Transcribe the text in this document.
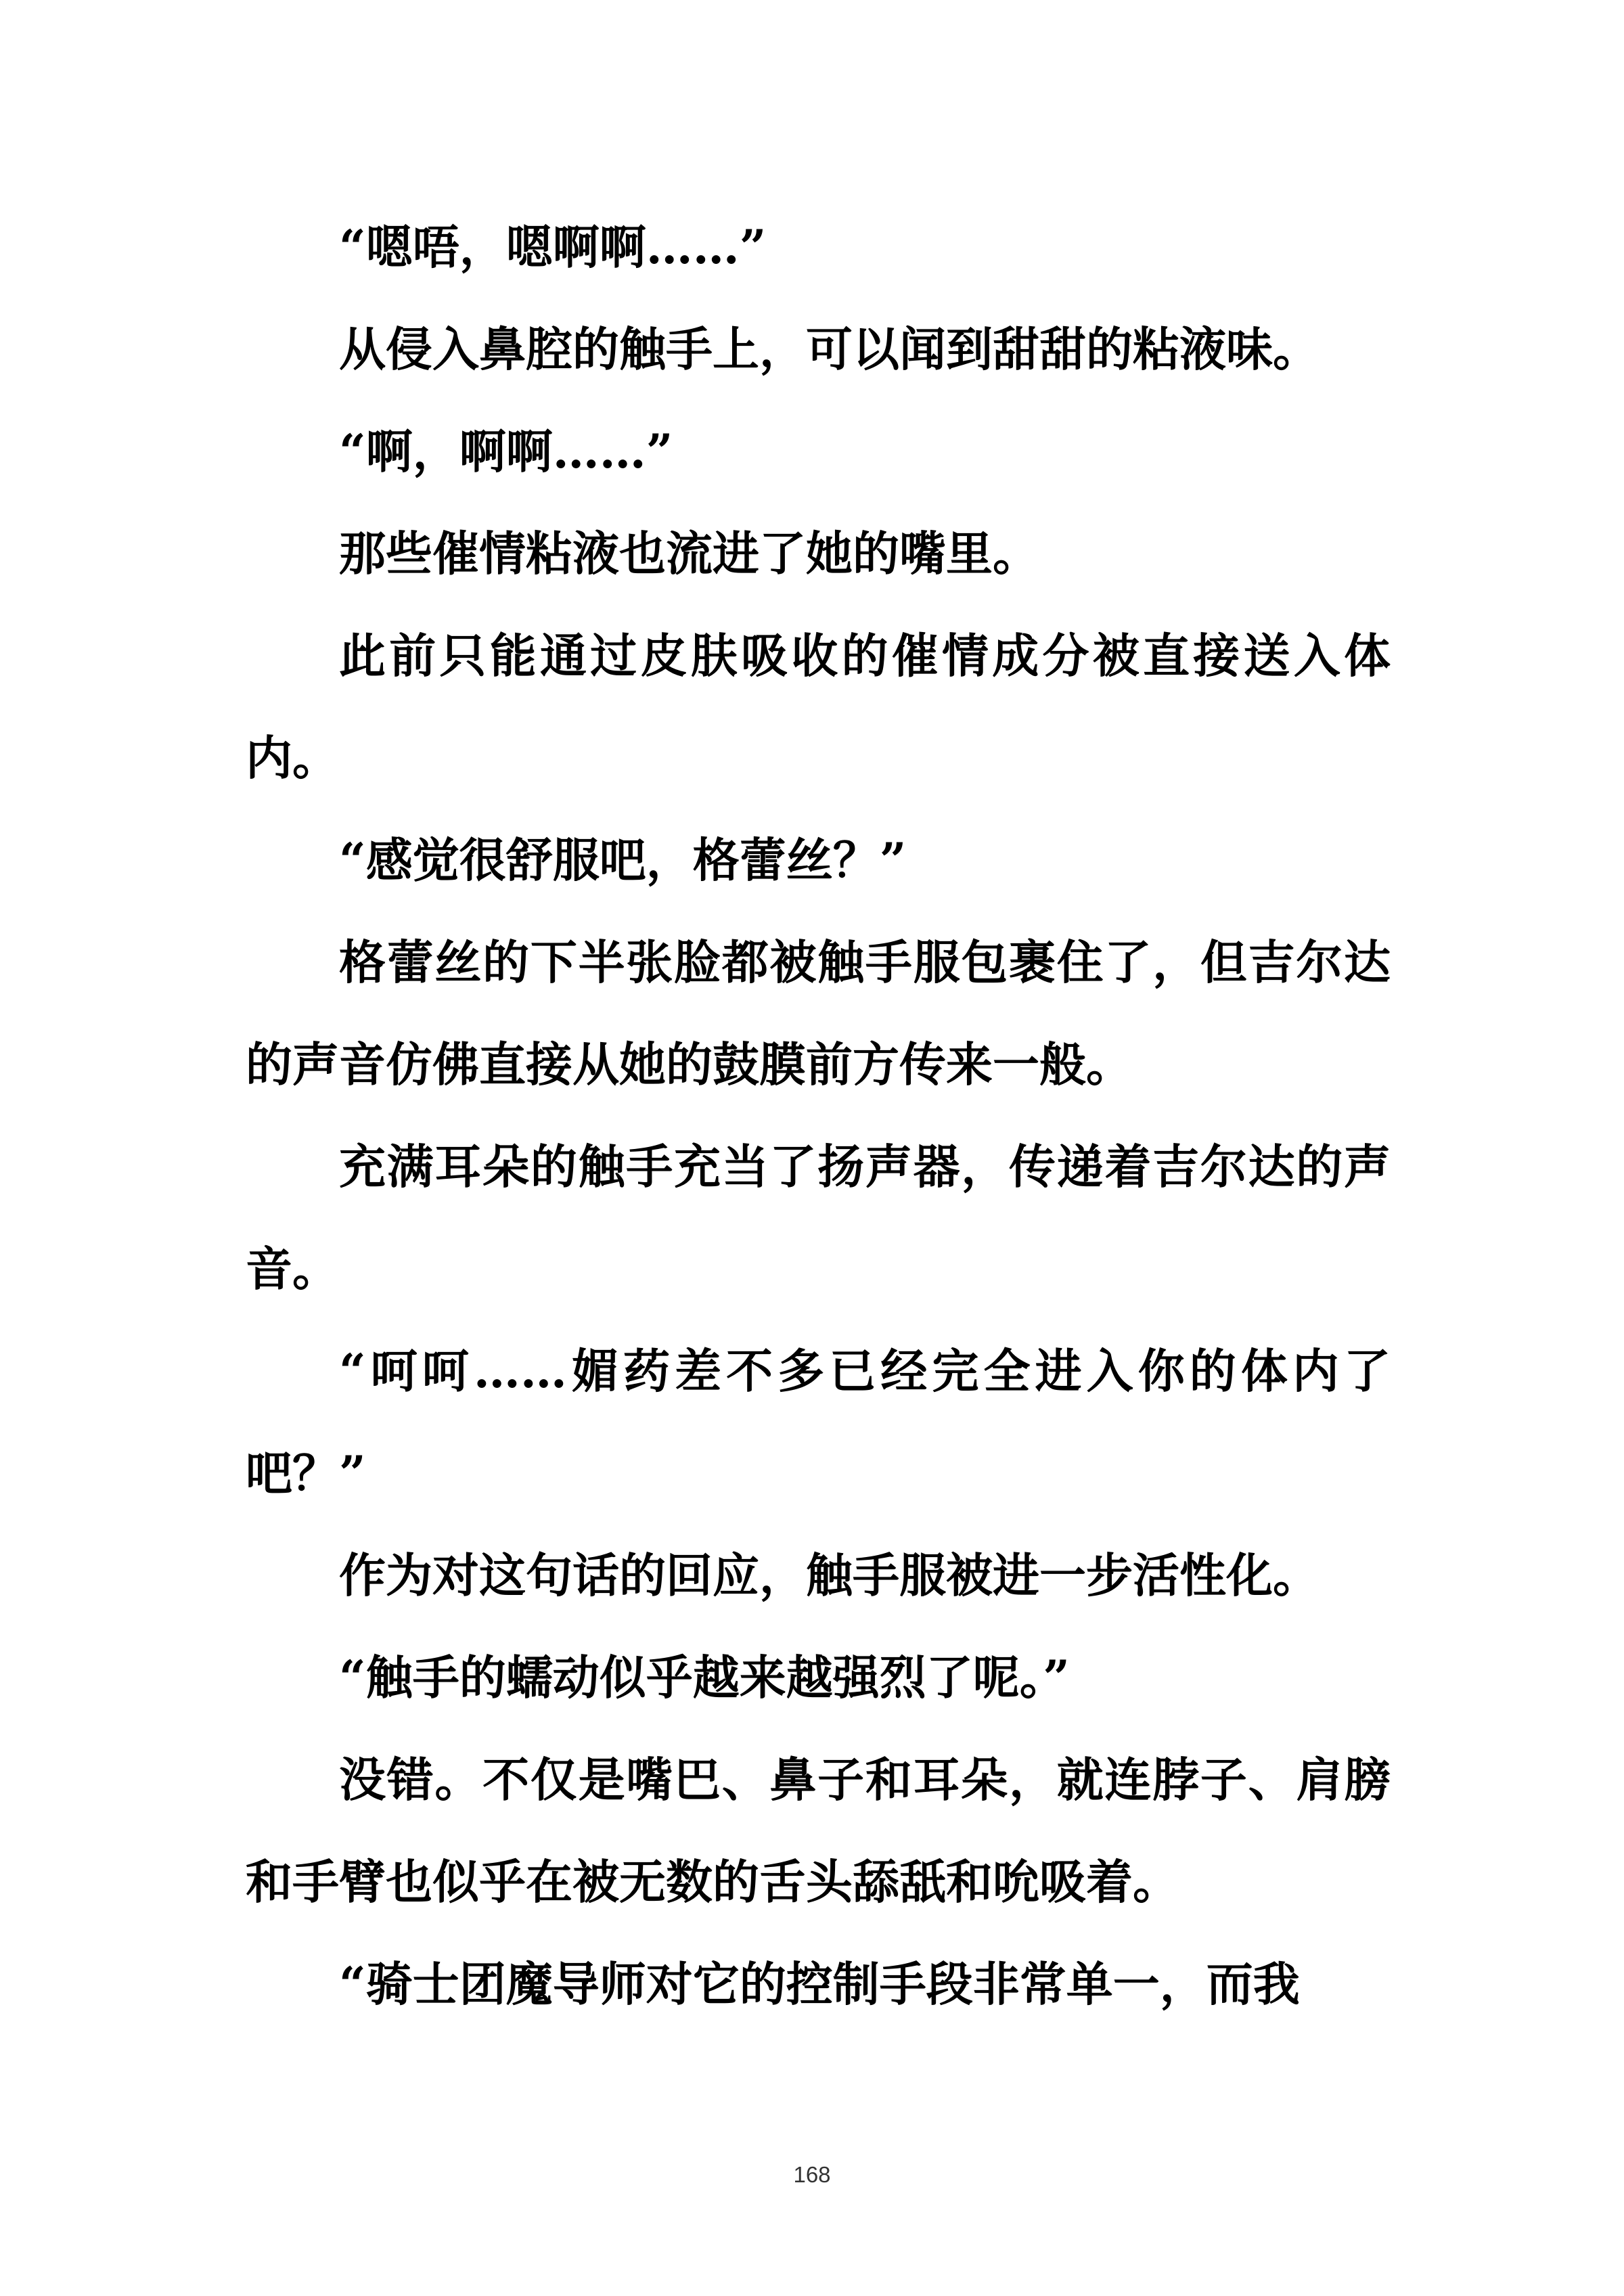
“嗯唔，嗯啊啊……”

从侵入鼻腔的触手上，可以闻到甜甜的粘液味。

“啊，啊啊……”

那些催情粘液也流进了她的嘴里。

此前只能通过皮肤吸收的催情成分被直接送入体内。

“感觉很舒服吧，格蕾丝？”

格蕾丝的下半张脸都被触手服包裹住了，但吉尔达的声音仿佛直接从她的鼓膜前方传来一般。

充满耳朵的触手充当了扬声器，传递着吉尔达的声音。

“呵呵……媚药差不多已经完全进入你的体内了吧？”

作为对这句话的回应，触手服被进一步活性化。

“触手的蠕动似乎越来越强烈了呢。”

没错。不仅是嘴巴、鼻子和耳朵，就连脖子、肩膀和手臂也似乎在被无数的舌头舔舐和吮吸着。

“骑士团魔导师对它的控制手段非常单一，而我

168
